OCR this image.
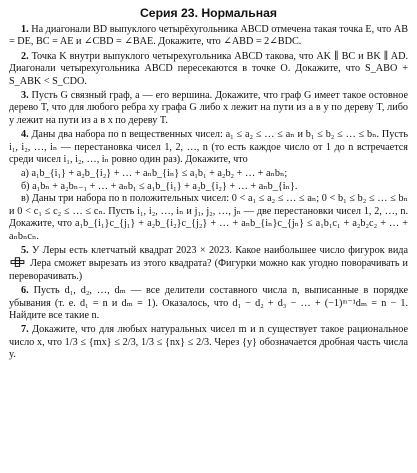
Серия 23. Нормальная

1. На диагонали BD выпуклого четырёхугольника ABCD отмечена такая точка E, что AB = DE, BC = AE и ∠CBD = ∠BAE. Докажите, что ∠ABD = 2∠BDC.

2. Точка K внутри выпуклого четырехугольника ABCD такова, что AK ∥ BC и BK ∥ AD. Диагонали четырехугольника ABCD пересекаются в точке O. Докажите, что S_ABO + S_ABK < S_CDO.

3. Пусть G связный граф, a — его вершина. Докажите, что граф G имеет такое остовное дерево T, что для любого ребра xy графа G либо x лежит на пути из a в y по дереву T, либо y лежит на пути из a в x по дереву T.

4. Даны два набора по n вещественных чисел: a₁ ≤ a₂ ≤ … ≤ aₙ и b₁ ≤ b₂ ≤ … ≤ bₙ. Пусть i₁, i₂, …, iₙ — перестановка чисел 1, 2, …, n (то есть каждое число от 1 до n встречается среди чисел i₁, i₂, …, iₙ ровно один раз). Докажите, что

а) a₁b_{i₁} + a₂b_{i₂} + … + aₙb_{iₙ} ≤ a₁b₁ + a₂b₂ + … + aₙbₙ;

б) a₁bₙ + a₂bₙ₋₁ + … + aₙb₁ ≤ a₁b_{i₁} + a₂b_{i₂} + … + aₙb_{iₙ}.

в) Даны три набора по n положительных чисел: 0 < a₁ ≤ a₂ ≤ … ≤ aₙ; 0 < b₁ ≤ b₂ ≤ … ≤ bₙ и 0 < c₁ ≤ c₂ ≤ … ≤ cₙ. Пусть i₁, i₂, …, iₙ и j₁, j₂, …, jₙ — две перестановки чисел 1, 2, …, n. Докажите, что a₁b_{i₁}c_{j₁} + a₂b_{i₂}c_{j₂} + … + aₙb_{iₙ}c_{jₙ} ≤ a₁b₁c₁ + a₂b₂c₂ + … + aₙbₙcₙ.

5. У Леры есть клетчатый квадрат 2023 × 2023. Какое наибольшее число фигурок вида  Лера сможет вырезать из этого квадрата? (Фигурки можно как угодно поворачивать и переворачивать.)

6. Пусть d₁, d₂, …, dₘ — все делители составного числа n, выписанные в порядке убывания (т. е. d₁ = n и dₘ = 1). Оказалось, что d₁ − d₂ + d₃ − … + (−1)ᵐ⁻¹dₘ = n − 1. Найдите все такие n.

7. Докажите, что для любых натуральных чисел m и n существует такое рациональное число x, что 1/3 ≤ {mx} ≤ 2/3, 1/3 ≤ {nx} ≤ 2/3. Через {y} обозначается дробная часть числа y.
